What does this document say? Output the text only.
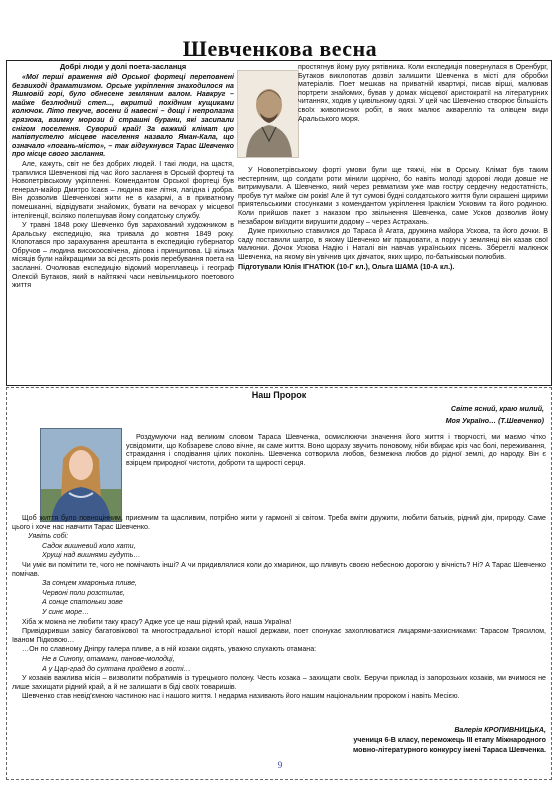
Шевченкова весна
Добрі люди у долі поета-засланця

«Мої перші враження від Орської фортеці переповнені безвиході драматизмом. Орське укріплення знаходилося на Яшмовій горі, було обнесене земляним валом. Навкруг – майже безлюдний степ..., вкритий похідним кущиками колючок. Літо пекуче, восени й навесні – дощі і непролазна грязюка, взимку морози й страшні бурани, які засипали снігом поселення. Суворий край! За важкий клімат цю напівпустелю місцеве населення назвало Яман-Кала, що означало «погань-місто», – так відгукнувся Тарас Шевченко про місце свого заслання.

Але, кажуть, світ не без добрих людей. І такі люди, на щастя, трапилися Шевченкові під час його заслання в Орській фортеці та Новопетрівському укріпленні. Комендантом Орської фортеці був генерал-майор Дмитро Ісаєв – людина вже літня, лагідна і добра. Він дозволив Шевченкові жити не в казармі, а в приватному помешканні, відвідувати знайомих, бувати на вечорах у місцевої інтелігенції, всіляко полегшував йому солдатську службу.

У травні 1848 року Шевченко був зарахований художником в Аральську експедицію, яка тривала до жовтня 1849 року. Клопотався про зарахування арештанта в експедицію губернатор Обручов – людина високоосвічена, ділова і принципова. Ці кілька місяців були найкращими за всі десять років перебування поета на засланні. Очолював експедицію відомий мореплавець і географ Олексій Бутаков, який в найтяжчі часи невільницького поетового життя

простягнув йому руку рятівника. Коли експедиція повернулася в Оренбург, Бутаков виклопотав дозвіл залишити Шевченка в місті для обробки матеріалів. Поет мешкав на приватній квартирі, писав вірші, малював портрети знайомих, бував у домах місцевої аристократії на літературних читаннях, ходив у цивільному одязі. У цей час Шевченко створює більшість своїх живописних робіт, в яких малює акварелліо та олівцем види Аральського моря.

У Новопетрівському форті умови були ще тяжчі, ніж в Орську. Клімат був таким нестерпним, що солдати роти мінили щорічно, бо навіть молоді здорові люди довше не витримували. А Шевченко, який через ревматизм уже мав гостру сердечну недостатність, пробув тут майже сім років! Але й тут сумові будні солдатського життя були скрашені щирими приятельськими стосунками з комендантом укріплення Іраклієм Усковим та його родиною. Коли прийшов пакет з наказом про звільнення Шевченка, саме Усков дозволив йому незабаром виїздити вирушити додому – через Астрахань.

Дуже прихильно ставилися до Тараса й Агата, дружина майора Ускова, та його дочки. В саду поставили шатро, в якому Шевченко міг працювати, а поруч у землянці він казав свої малюнки. Дочок Ускова Надію і Наталі він навчав українських пісень. Збереглі малюнок Шевченка, на якому він увічнив цих дівчаток, яких щиро, по-батьківськи полюбив.

Підготували Юлія ІГНАТЮК (10-Г кл.), Ольга ШАМА (10-А кл.).

Наш Пророк
Світе ясний, краю милий,
Моя Україно… (Т.Шевченко)

Роздумуючи над великим словом Тараса Шевченка, осмислюючи значення його життя і творчості, ми маємо чітко усвідомити, що Кобзареве слово вічне, як саме життя. Воно щоразу звучить поновому, ніби вбирає кріз час болі, переживання, страждання і сподівання цілих поколінь. Шевченка сотворила любов, безмежна любов до рідної землі, до народу. Він є взірцем природної чистоти, доброти та щирості серця.

Щоб життя було повноцінним, приємним та щасливим, потрібно жити у гармонії зі світом. Треба вміти дружити, любити батьків, рідний дім, природу. Саме цього і хоче нас навчити Тарас Шевченко.

Уявіть собі:

Садок вишневий коло хати,

Хрущі над вишнями гудуть…

Чи уміє ви помітити те, чого не помічають інші? А чи придивлялися коли до хмаринок, що пливуть своєю небесною дорогою у вічність? Ні? А Тарас Шевченко помічав.

За сонцем хмаронька пливе,

Червоні поли розстилає,

А сонце спатоньки зове

У синє море…

Хіба ж можна не любити таку красу? Адже усе це наш рідний край, наша Україна!

Привідкривши завісу багатовікової та многострадальної історії нашої держави, поет спонукає захоплюватися лицарями-захисниками: Тарасом Трясилом, Іваном Підковою…

…Он по славному Дніпру галера пливе, а в ній козаки сидять, уважно слухають отамана:

Не в Синопу, отамани, панове-молодці,

А у Цар-град до султана проїдемо в гості…

У козаків важлива місія – визволити побратимів із турецького полону. Честь козака – захищати своїх. Беручи приклад із запорозьких козаків, ми вчимося не лише захищати рідний край, а й не залишати в біді своїх товаришів.

Шевченко став невід'ємною частиною нас і нашого життя. І недарма називають його нашим національним пророком і навіть Месією.

Валерія КРОПИВНИЦЬКА,
учениця 6-В класу, переможець ІІІ етапу Міжнародного
мовно-літературного конкурсу імені Тараса Шевченка.
9
